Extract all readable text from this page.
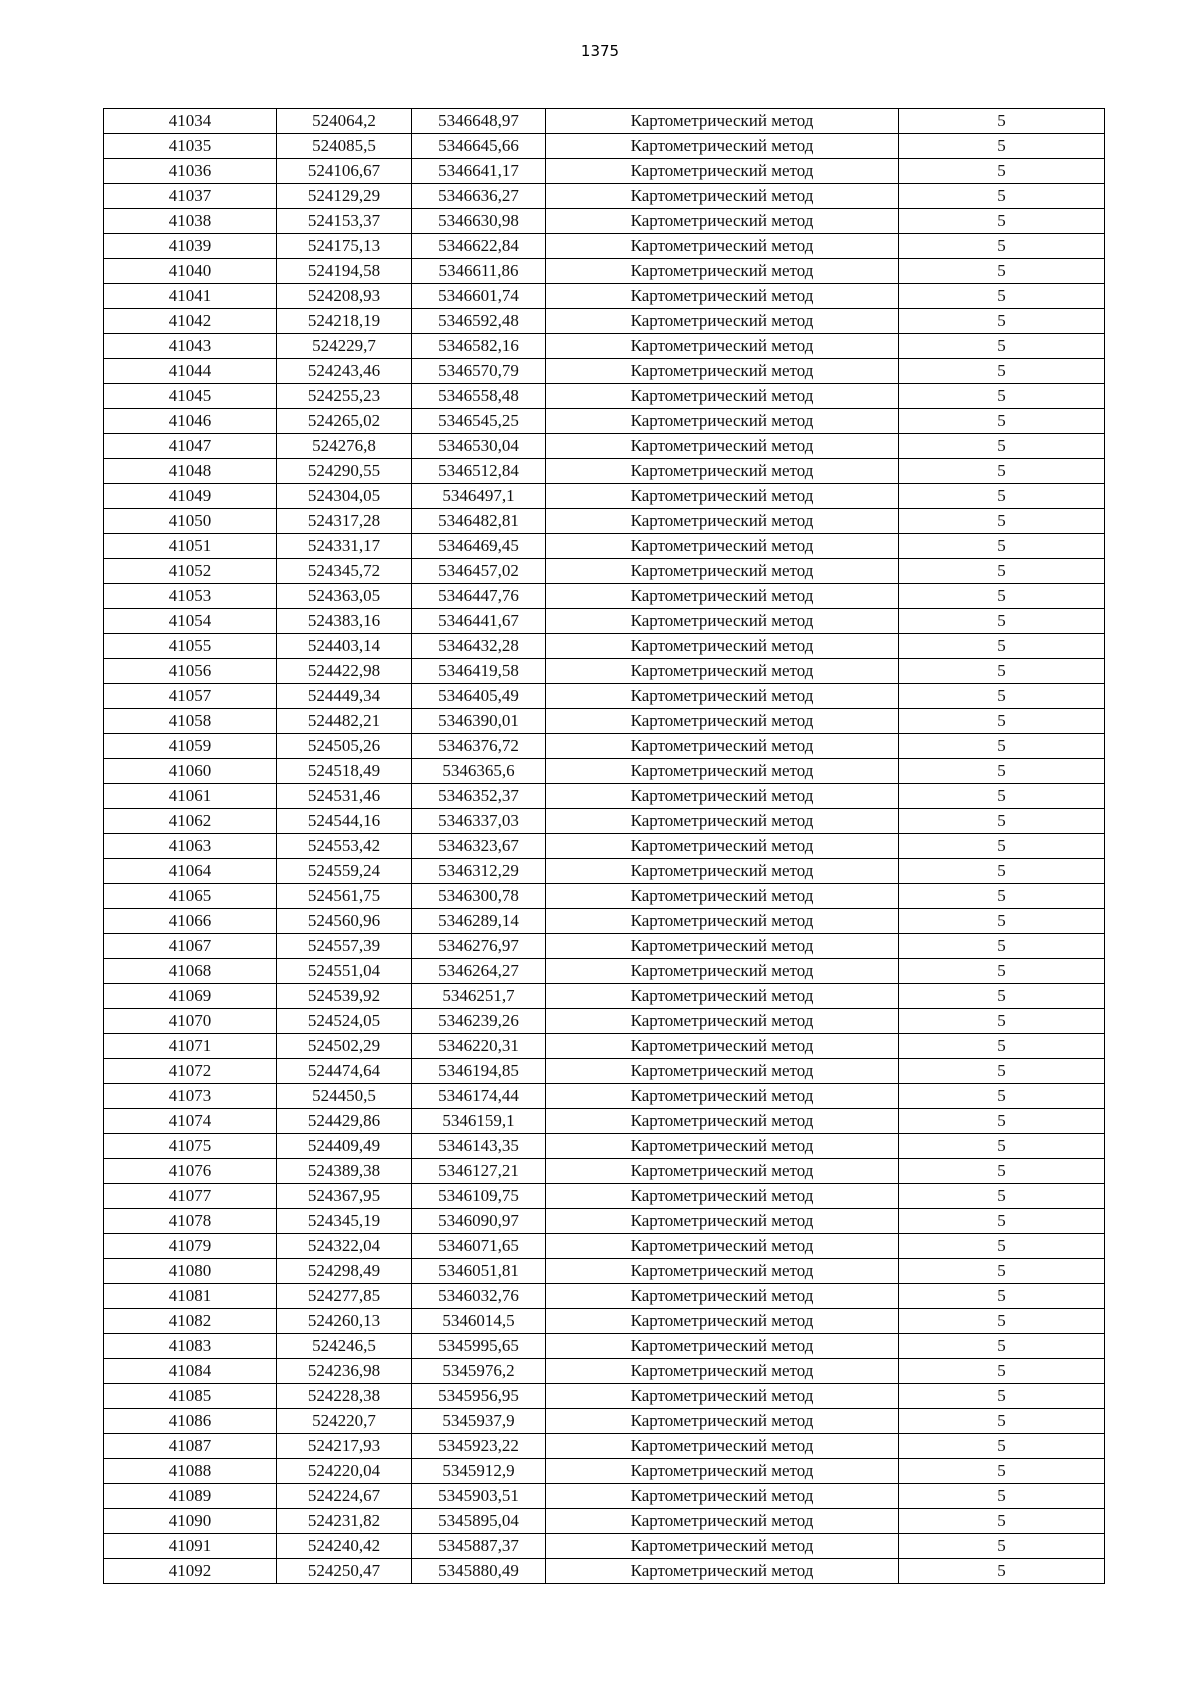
1375
41034	524064,2	5346648,97	Картометрический метод	5
41035	524085,5	5346645,66	Картометрический метод	5
41036	524106,67	5346641,17	Картометрический метод	5
41037	524129,29	5346636,27	Картометрический метод	5
41038	524153,37	5346630,98	Картометрический метод	5
41039	524175,13	5346622,84	Картометрический метод	5
41040	524194,58	5346611,86	Картометрический метод	5
41041	524208,93	5346601,74	Картометрический метод	5
41042	524218,19	5346592,48	Картометрический метод	5
41043	524229,7	5346582,16	Картометрический метод	5
41044	524243,46	5346570,79	Картометрический метод	5
41045	524255,23	5346558,48	Картометрический метод	5
41046	524265,02	5346545,25	Картометрический метод	5
41047	524276,8	5346530,04	Картометрический метод	5
41048	524290,55	5346512,84	Картометрический метод	5
41049	524304,05	5346497,1	Картометрический метод	5
41050	524317,28	5346482,81	Картометрический метод	5
41051	524331,17	5346469,45	Картометрический метод	5
41052	524345,72	5346457,02	Картометрический метод	5
41053	524363,05	5346447,76	Картометрический метод	5
41054	524383,16	5346441,67	Картометрический метод	5
41055	524403,14	5346432,28	Картометрический метод	5
41056	524422,98	5346419,58	Картометрический метод	5
41057	524449,34	5346405,49	Картометрический метод	5
41058	524482,21	5346390,01	Картометрический метод	5
41059	524505,26	5346376,72	Картометрический метод	5
41060	524518,49	5346365,6	Картометрический метод	5
41061	524531,46	5346352,37	Картометрический метод	5
41062	524544,16	5346337,03	Картометрический метод	5
41063	524553,42	5346323,67	Картометрический метод	5
41064	524559,24	5346312,29	Картометрический метод	5
41065	524561,75	5346300,78	Картометрический метод	5
41066	524560,96	5346289,14	Картометрический метод	5
41067	524557,39	5346276,97	Картометрический метод	5
41068	524551,04	5346264,27	Картометрический метод	5
41069	524539,92	5346251,7	Картометрический метод	5
41070	524524,05	5346239,26	Картометрический метод	5
41071	524502,29	5346220,31	Картометрический метод	5
41072	524474,64	5346194,85	Картометрический метод	5
41073	524450,5	5346174,44	Картометрический метод	5
41074	524429,86	5346159,1	Картометрический метод	5
41075	524409,49	5346143,35	Картометрический метод	5
41076	524389,38	5346127,21	Картометрический метод	5
41077	524367,95	5346109,75	Картометрический метод	5
41078	524345,19	5346090,97	Картометрический метод	5
41079	524322,04	5346071,65	Картометрический метод	5
41080	524298,49	5346051,81	Картометрический метод	5
41081	524277,85	5346032,76	Картометрический метод	5
41082	524260,13	5346014,5	Картометрический метод	5
41083	524246,5	5345995,65	Картометрический метод	5
41084	524236,98	5345976,2	Картометрический метод	5
41085	524228,38	5345956,95	Картометрический метод	5
41086	524220,7	5345937,9	Картометрический метод	5
41087	524217,93	5345923,22	Картометрический метод	5
41088	524220,04	5345912,9	Картометрический метод	5
41089	524224,67	5345903,51	Картометрический метод	5
41090	524231,82	5345895,04	Картометрический метод	5
41091	524240,42	5345887,37	Картометрический метод	5
41092	524250,47	5345880,49	Картометрический метод	5
